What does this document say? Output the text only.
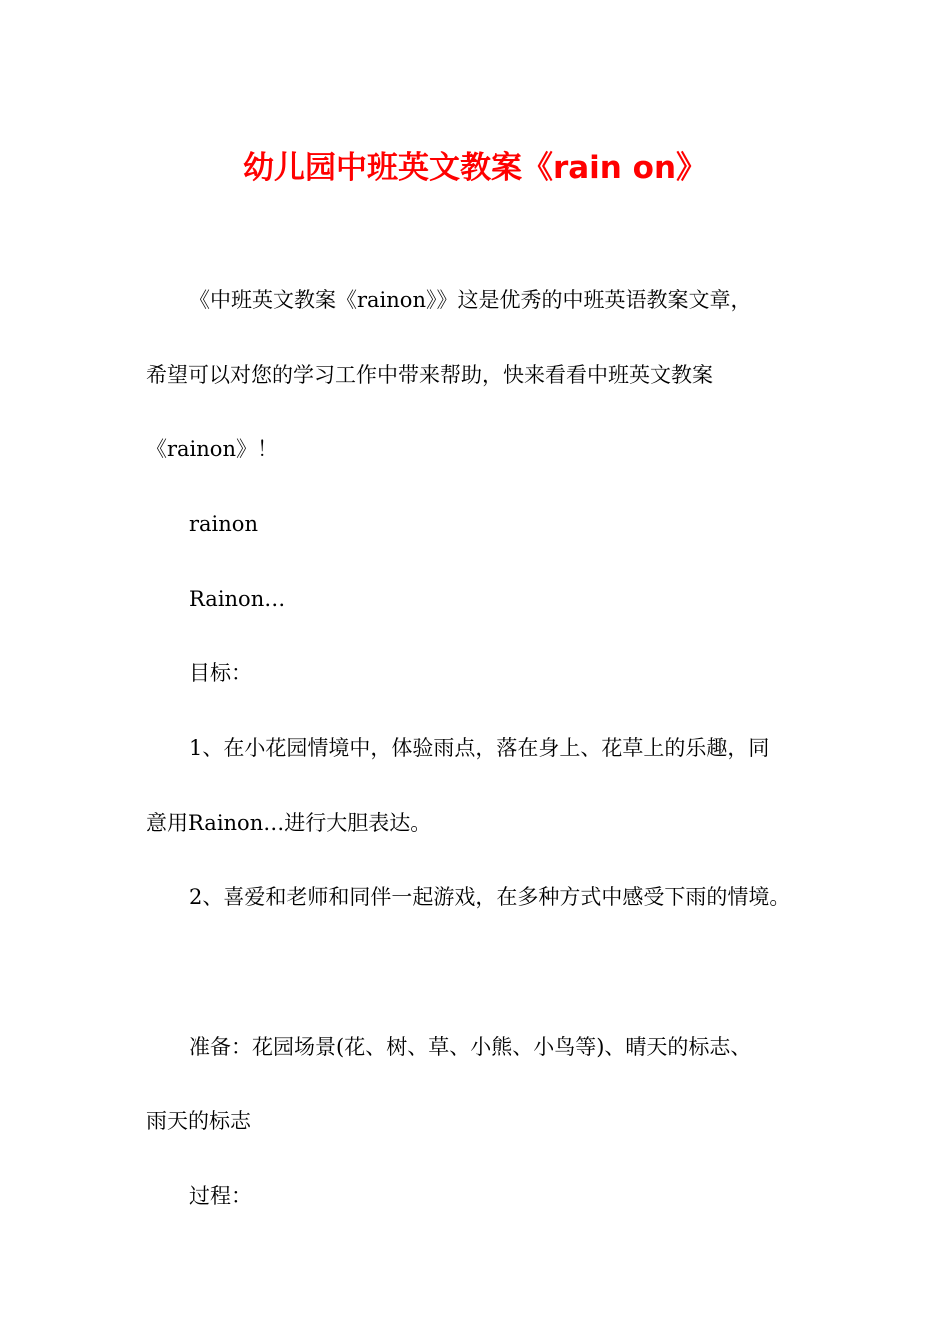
幼儿园中班英文教案《rain on》

《中班英文教案《rainon》》这是优秀的中班英语教案文章，

希望可以对您的学习工作中带来帮助，快来看看中班英文教案

《rainon》！

rainon

Rainon…

目标：

1、在小花园情境中，体验雨点，落在身上、花草上的乐趣，同

意用Rainon…进行大胆表达。

2、喜爱和老师和同伴一起游戏，在多种方式中感受下雨的情境。

准备：花园场景(花、树、草、小熊、小鸟等)、晴天的标志、

雨天的标志

过程：
